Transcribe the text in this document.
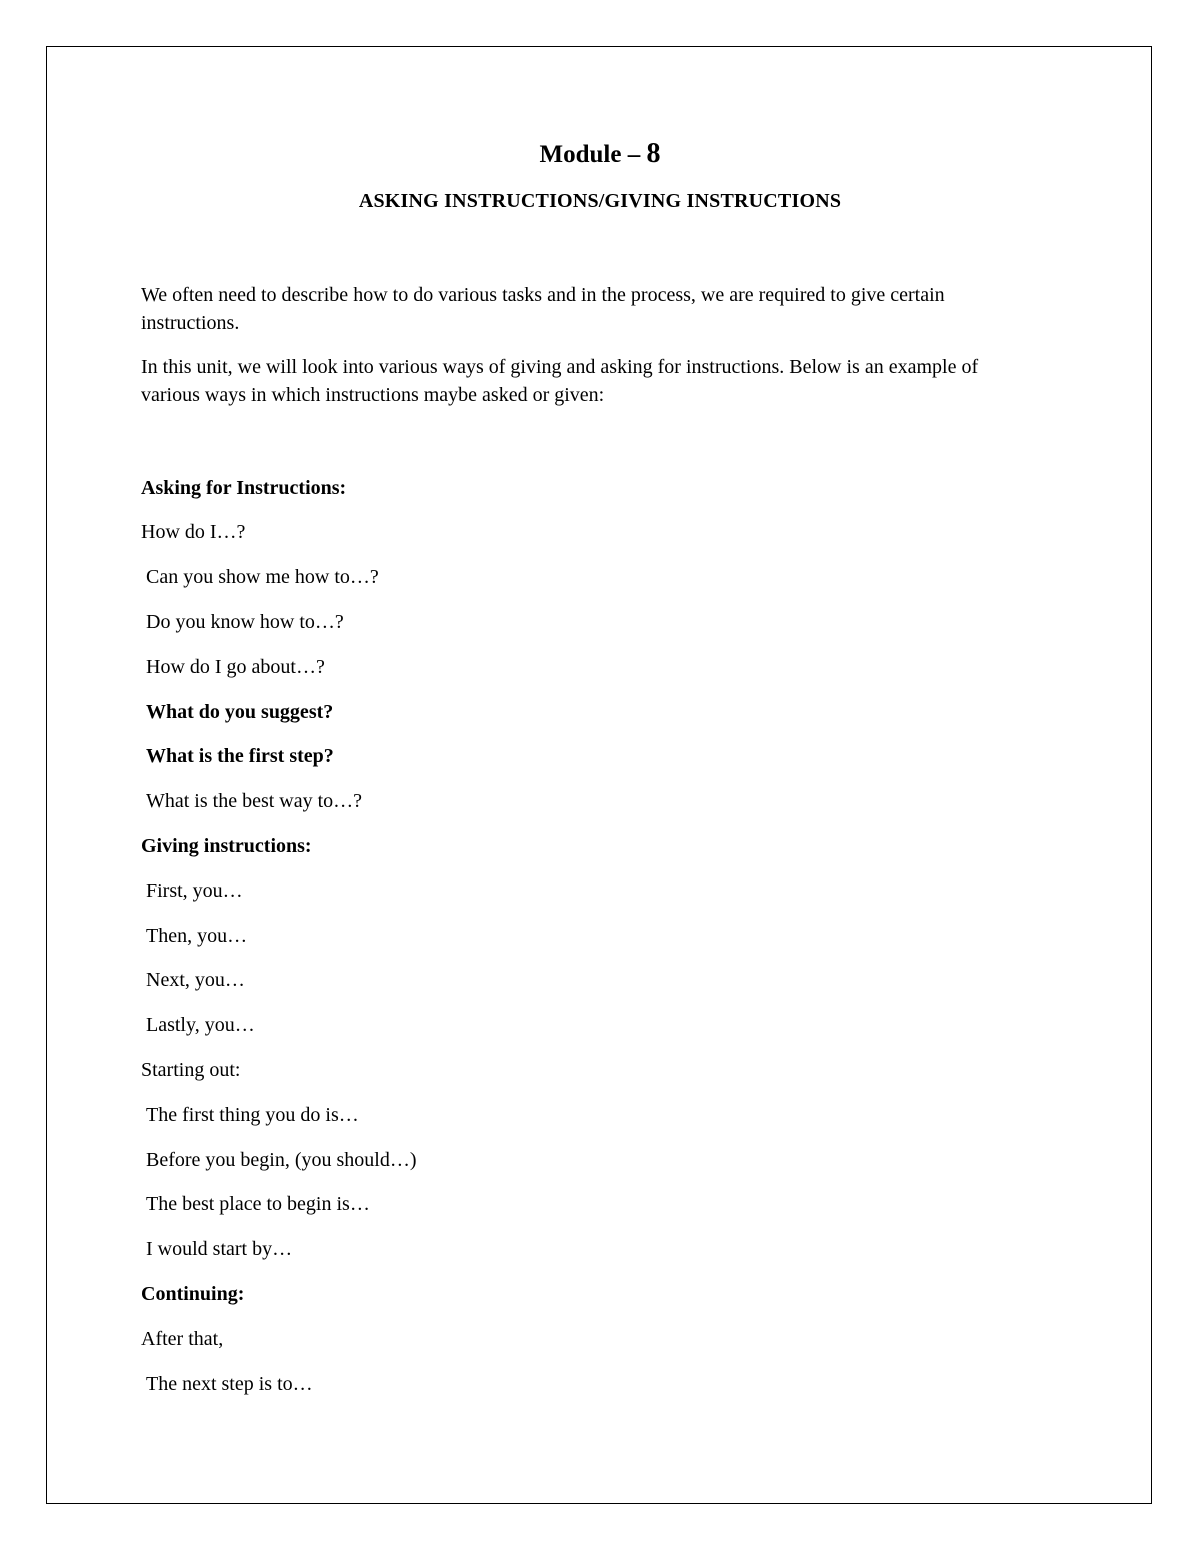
Module – 8
ASKING INSTRUCTIONS/GIVING INSTRUCTIONS
We often need to describe how to do various tasks and in the process, we are required to give certain instructions.
In this unit, we will look into various ways of giving and asking for instructions. Below is an example of various ways in which instructions maybe asked or given:
Asking for Instructions:
How do I…?
Can you show me how to…?
Do you know how to…?
How do I go about…?
What do you suggest?
What is the first step?
What is the best way to…?
Giving instructions:
First, you…
Then, you…
Next, you…
Lastly, you…
Starting out:
The first thing you do is…
Before you begin, (you should…)
The best place to begin is…
I would start by…
Continuing:
After that,
The next step is to…
